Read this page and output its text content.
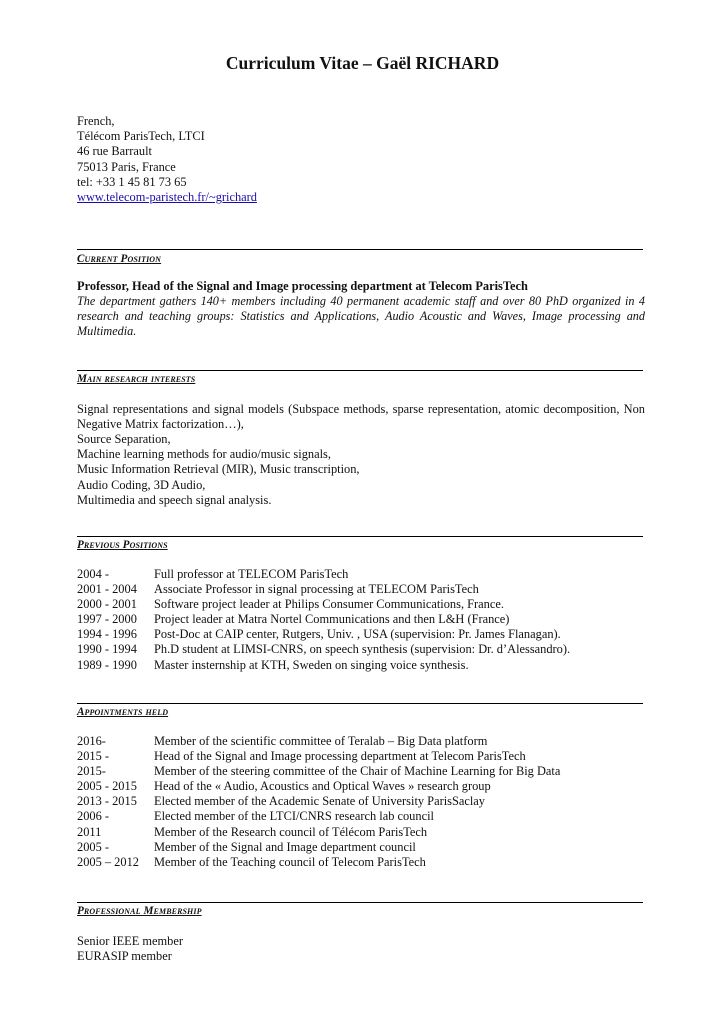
Curriculum Vitae – Gaël RICHARD
French,
Télécom ParisTech, LTCI
46 rue Barrault
75013 Paris, France
tel: +33 1 45 81 73 65
www.telecom-paristech.fr/~grichard
Current Position
Professor, Head of the Signal and Image processing department at Telecom ParisTech
The department gathers 140+ members including 40 permanent academic staff and over 80 PhD organized in 4 research and teaching groups: Statistics and Applications, Audio Acoustic and Waves, Image processing and Multimedia.
Main research interests
Signal representations and signal models (Subspace methods, sparse representation, atomic decomposition, Non Negative Matrix factorization…),
Source Separation,
Machine learning methods for audio/music signals,
Music Information Retrieval (MIR), Music transcription,
Audio Coding, 3D Audio,
Multimedia and speech signal analysis.
Previous Positions
2004 -	Full professor at TELECOM ParisTech
2001 - 2004 Associate Professor in signal processing at TELECOM ParisTech
2000 - 2001 Software project leader at Philips Consumer Communications, France.
1997 - 2000 Project leader at Matra Nortel Communications and then L&H (France)
1994 - 1996 Post-Doc at CAIP center, Rutgers, Univ. , USA (supervision: Pr. James Flanagan).
1990 - 1994 Ph.D student at LIMSI-CNRS, on speech synthesis (supervision: Dr. d’Alessandro).
1989 - 1990 Master insternship at KTH, Sweden on singing voice synthesis.
Appointments held
2016-	Member of the scientific committee of Teralab – Big Data platform
2015 -	Head of the Signal and Image processing department at Telecom ParisTech
2015-	Member of the steering committee of the Chair of Machine Learning for Big Data
2005 - 2015 Head of the « Audio, Acoustics and Optical Waves » research group
2013 - 2015 Elected member of the Academic Senate of University ParisSaclay
2006 -	Elected member of the LTCI/CNRS research lab council
2011	Member of the Research council of Télécom ParisTech
2005 -	Member of the Signal and Image department council
2005 – 2012 Member of the Teaching council of Telecom ParisTech
Professional Membership
Senior IEEE member
EURASIP member
